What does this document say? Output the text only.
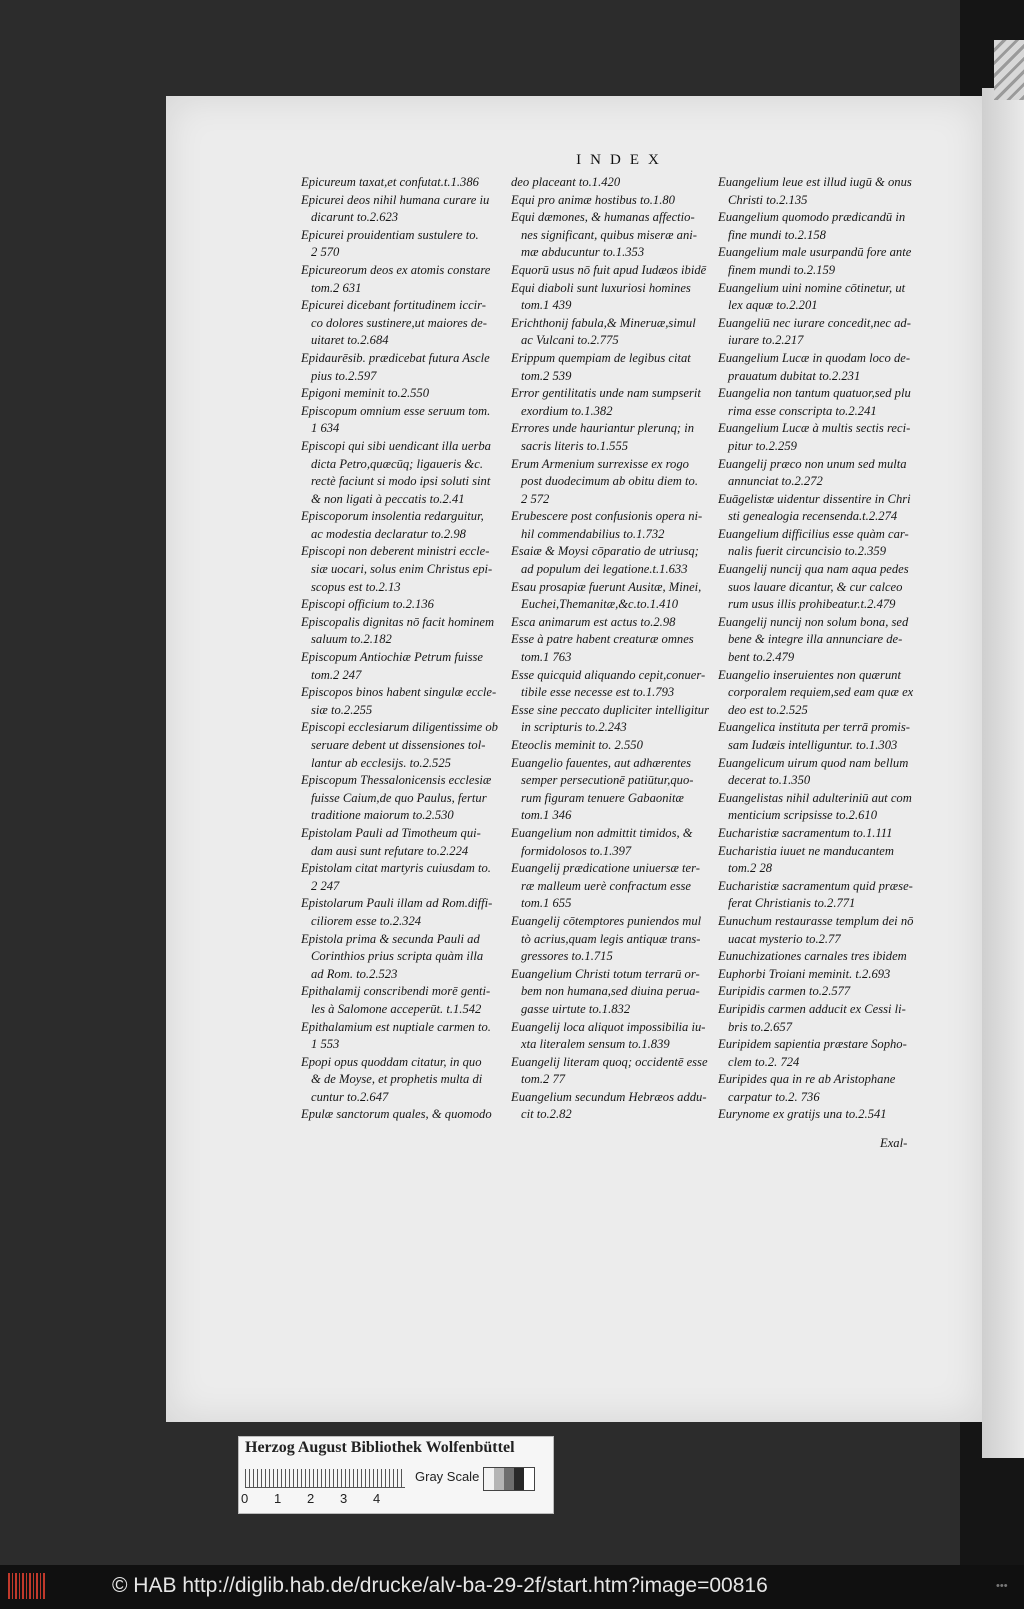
INDEX
Epicureum taxat,et confutat.t.1.386
Epicurei deos nihil humana curare iu
dicarunt to.2.623
Epicurei prouidentiam sustulere to.
2 570
Epicureorum deos ex atomis constare
tom.2 631
Epicurei dicebant fortitudinem iccir-
co dolores sustinere,ut maiores de-
uitaret to.2.684
Epidaurēsib. prædicebat futura Ascle
pius to.2.597
Epigoni meminit to.2.550
Episcopum omnium esse seruum tom.
1 634
Episcopi qui sibi uendicant illa uerba
dicta Petro,quæcūq; ligaueris &c.
rectè faciunt si modo ipsi soluti sint
& non ligati à peccatis to.2.41
Episcoporum insolentia redarguitur,
ac modestia declaratur to.2.98
Episcopi non deberent ministri eccle-
siæ uocari, solus enim Christus epi-
scopus est to.2.13
Episcopi officium to.2.136
Episcopalis dignitas nō facit hominem
saluum to.2.182
Episcopum Antiochiæ Petrum fuisse
tom.2 247
Episcopos binos habent singulæ eccle-
siæ to.2.255
Episcopi ecclesiarum diligentissime ob
seruare debent ut dissensiones tol-
lantur ab ecclesijs. to.2.525
Episcopum Thessalonicensis ecclesiæ
fuisse Caium,de quo Paulus, fertur
traditione maiorum to.2.530
Epistolam Pauli ad Timotheum qui-
dam ausi sunt refutare to.2.224
Epistolam citat martyris cuiusdam to.
2 247
Epistolarum Pauli illam ad Rom.diffi-
ciliorem esse to.2.324
Epistola prima & secunda Pauli ad
Corinthios prius scripta quàm illa
ad Rom. to.2.523
Epithalamij conscribendi morē genti-
les à Salomone acceperūt. t.1.542
Epithalamium est nuptiale carmen to.
1 553
Epopi opus quoddam citatur, in quo
& de Moyse, et prophetis multa di
cuntur to.2.647
Epulæ sanctorum quales, & quomodo
deo placeant to.1.420
Equi pro animæ hostibus to.1.80
Equi dæmones, & humanas affectio-
nes significant, quibus miseræ ani-
mæ abducuntur to.1.353
Equorū usus nō fuit apud Iudæos ibidē
Equi diaboli sunt luxuriosi homines
tom.1 439
Erichthonij fabula,& Mineruæ,simul
ac Vulcani to.2.775
Erippum quempiam de legibus citat
tom.2 539
Error gentilitatis unde nam sumpserit
exordium to.1.382
Errores unde hauriantur plerunq; in
sacris literis to.1.555
Erum Armenium surrexisse ex rogo
post duodecimum ab obitu diem to.
2 572
Erubescere post confusionis opera ni-
hil commendabilius to.1.732
Esaiæ & Moysi cōparatio de utriusq;
ad populum dei legatione.t.1.633
Esau prosapiæ fuerunt Ausitæ, Minei,
Euchei,Themanitæ,&c.to.1.410
Esca animarum est actus to.2.98
Esse à patre habent creaturæ omnes
tom.1 763
Esse quicquid aliquando cepit,conuer-
tibile esse necesse est to.1.793
Esse sine peccato dupliciter intelligitur
in scripturis to.2.243
Eteoclis meminit to. 2.550
Euangelio fauentes, aut adhærentes
semper persecutionē patiūtur,quo-
rum figuram tenuere Gabaonitæ
tom.1 346
Euangelium non admittit timidos, &
formidolosos to.1.397
Euangelij prædicatione uniuersæ ter-
ræ malleum uerè confractum esse
tom.1 655
Euangelij cōtemptores puniendos mul
tò acrius,quam legis antiquæ trans-
gressores to.1.715
Euangelium Christi totum terrarū or-
bem non humana,sed diuina perua-
gasse uirtute to.1.832
Euangelij loca aliquot impossibilia iu-
xta literalem sensum to.1.839
Euangelij literam quoq; occidentē esse
tom.2 77
Euangelium secundum Hebræos addu-
cit to.2.82
Euangelium leue est illud iugū & onus
Christi to.2.135
Euangelium quomodo prædicandū in
fine mundi to.2.158
Euangelium male usurpandū fore ante
finem mundi to.2.159
Euangelium uini nomine cōtinetur, ut
lex aquæ to.2.201
Euangeliū nec iurare concedit,nec ad-
iurare to.2.217
Euangelium Lucæ in quodam loco de-
prauatum dubitat to.2.231
Euangelia non tantum quatuor,sed plu
rima esse conscripta to.2.241
Euangelium Lucæ à multis sectis reci-
pitur to.2.259
Euangelij præco non unum sed multa
annunciat to.2.272
Euāgelistæ uidentur dissentire in Chri
sti genealogia recensenda.t.2.274
Euangelium difficilius esse quàm car-
nalis fuerit circuncisio to.2.359
Euangelij nuncij qua nam aqua pedes
suos lauare dicantur, & cur calceo
rum usus illis prohibeatur.t.2.479
Euangelij nuncij non solum bona, sed
bene & integre illa annunciare de-
bent to.2.479
Euangelio inseruientes non quærunt
corporalem requiem,sed eam quæ ex
deo est to.2.525
Euangelica instituta per terrā promis-
sam Iudæis intelliguntur. to.1.303
Euangelicum uirum quod nam bellum
decerat to.1.350
Euangelistas nihil adulteriniū aut com
menticium scripsisse to.2.610
Eucharistiæ sacramentum to.1.111
Eucharistia iuuet ne manducantem
tom.2 28
Eucharistiæ sacramentum quid præse-
ferat Christianis to.2.771
Eunuchum restaurasse templum dei nō
uacat mysterio to.2.77
Eunuchizationes carnales tres ibidem
Euphorbi Troiani meminit. t.2.693
Euripidis carmen to.2.577
Euripidis carmen adducit ex Cessi li-
bris to.2.657
Euripidem sapientia præstare Sopho-
clem to.2. 724
Euripides qua in re ab Aristophane
carpatur to.2. 736
Eurynome ex gratijs una to.2.541
Exal-
Herzog August Bibliothek Wolfenbüttel
0 1 2 3 4
Gray Scale
© HAB http://diglib.hab.de/drucke/alv-ba-29-2f/start.htm?image=00816	•••
